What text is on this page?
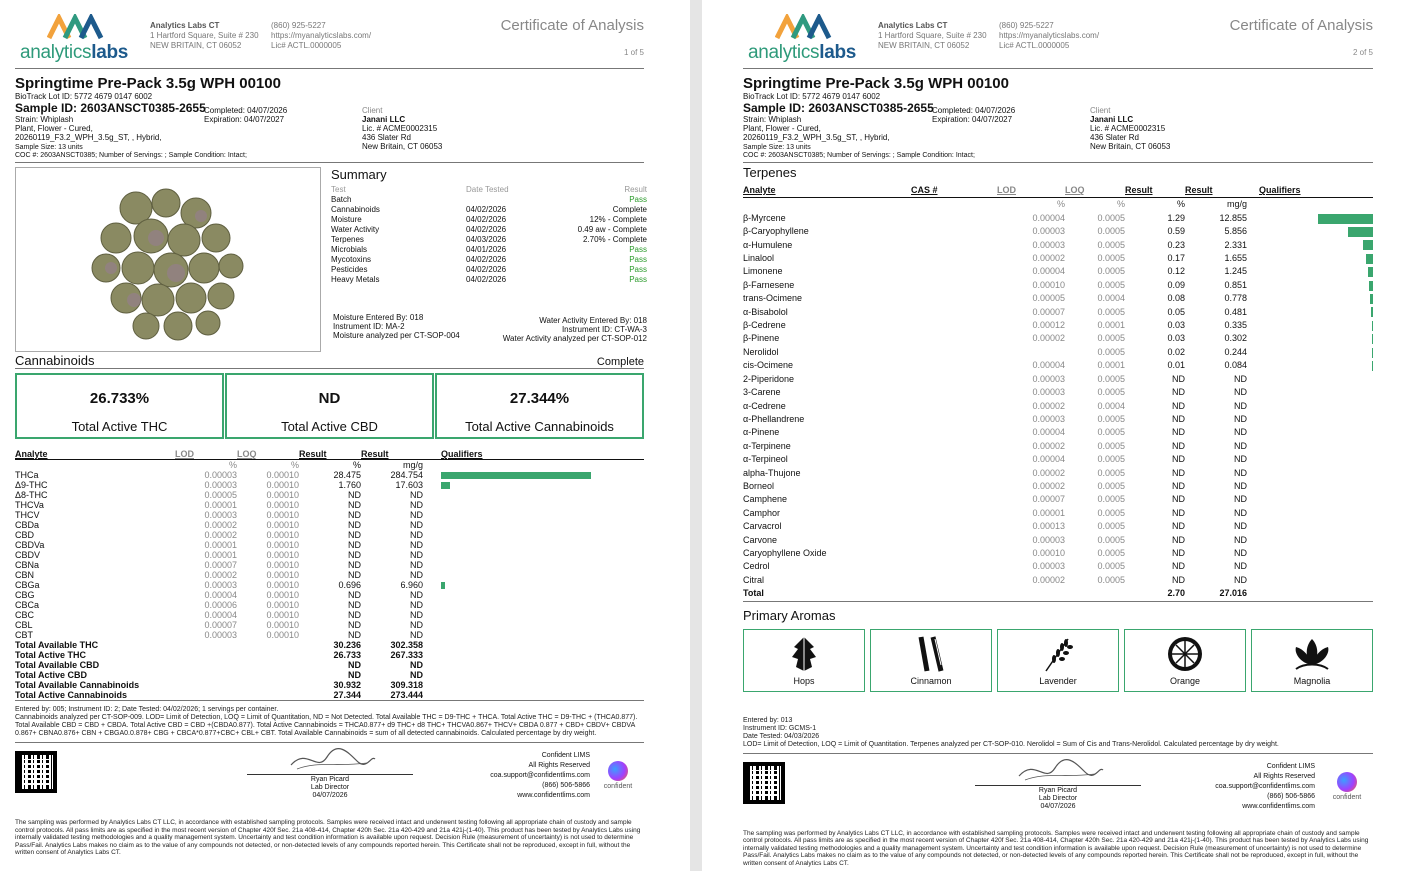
analyticslabs
Analytics Labs CT
1 Hartford Square, Suite # 230
NEW BRITAIN, CT 06052
(860) 925-5227
https://myanalyticslabs.com/
Lic# ACTL.0000005
Certificate of Analysis
1 of 5
Springtime Pre-Pack 3.5g WPH 00100
BioTrack Lot ID: 5772 4679 0147 6002
Sample ID: 2603ANSCT0385-2655
Strain: Whiplash
Plant, Flower - Cured,
20260119_F3.2_WPH_3.5g_ST, , Hybrid,
Completed: 04/07/2026
Expiration: 04/07/2027
Client
Janani LLC
Lic. # ACME0002315
436 Slater Rd
New Britain, CT 06053
Sample Size: 13 units
COC #: 2603ANSCT0385; Number of Servings: ; Sample Condition: Intact;
Summary
Test	Date Tested	Result
Batch	Pass
Cannabinoids	04/02/2026	Complete
Moisture	04/02/2026	12% - Complete
Water Activity	04/02/2026	0.49 aw - Complete
Terpenes	04/03/2026	2.70% - Complete
Microbials	04/01/2026	Pass
Mycotoxins	04/02/2026	Pass
Pesticides	04/02/2026	Pass
Heavy Metals	04/02/2026	Pass
Moisture Entered By: 018
Instrument ID: MA-2
Moisture analyzed per CT-SOP-004
Water Activity Entered By: 018
Instrument ID: CT-WA-3
Water Activity analyzed per CT-SOP-012
Cannabinoids	Complete
26.733%
Total Active THC
ND
Total Active CBD
27.344%
Total Active Cannabinoids
Analyte	LOD	LOQ	Result	Result		Qualifiers
	%	%	%	mg/g		
THCa	0.00003	0.00010	28.475	284.754		

Δ9-THC	0.00003	0.00010	1.760	17.603		

Δ8-THC	0.00005	0.00010	ND	ND		

THCVa	0.00001	0.00010	ND	ND		

THCV	0.00003	0.00010	ND	ND		

CBDa	0.00002	0.00010	ND	ND		

CBD	0.00002	0.00010	ND	ND		

CBDVa	0.00001	0.00010	ND	ND		

CBDV	0.00001	0.00010	ND	ND		

CBNa	0.00007	0.00010	ND	ND		

CBN	0.00002	0.00010	ND	ND		

CBGa	0.00003	0.00010	0.696	6.960		

CBG	0.00004	0.00010	ND	ND		

CBCa	0.00006	0.00010	ND	ND		

CBC	0.00004	0.00010	ND	ND		

CBL	0.00007	0.00010	ND	ND		

CBT	0.00003	0.00010	ND	ND		

Total Available THC			30.236	302.358		
Total Active THC			26.733	267.333		
Total Available CBD			ND	ND		
Total Active CBD			ND	ND		
Total Available Cannabinoids			30.932	309.318		
Total Active Cannabinoids			27.344	273.444		
Entered by: 005; Instrument ID: 2; Date Tested: 04/02/2026; 1 servings per container.
Cannabinoids analyzed per CT-SOP-009. LOD= Limit of Detection, LOQ = Limit of Quantitation, ND = Not Detected. Total Available THC = D9-THC + THCA. Total Active THC = D9-THC + (THCA0.877). Total Available CBD = CBD + CBDA. Total Active CBD = CBD +(CBDA0.877). Total Active Cannabinoids = THCA0.877+ d9 THC+ d8 THC+ THCVA0.867+ THCV+ CBDA 0.877 + CBD+ CBDV+ CBDVA 0.867+ CBNA0.876+ CBN + CBGA0.0.878+ CBG + CBCA*0.877+CBC+ CBL+ CBT. Total Available Cannabinoids = sum of all detected cannabinoids. Calculated percentage by dry weight.
Ryan Picard
Lab Director
04/07/2026
Confident LIMS
All Rights Reserved
coa.support@confidentlims.com
(866) 506-5866
www.confidentlims.com
confident
The sampling was performed by Analytics Labs CT LLC, in accordance with established sampling protocols. Samples were received intact and underwent testing following all appropriate chain of custody and sample control protocols. All pass limits are as specified in the most recent version of Chapter 420f Sec. 21a 408-414, Chapter 420h Sec. 21a 420-429 and 21a 421j-(1-40). This product has been tested by Analytics Labs using internally validated testing methodologies and a quality management system. Uncertainty and test condition information is available upon request. Decision Rule (measurement of uncertainty) is not used to determine Pass/Fail. Analytics Labs makes no claim as to the value of any compounds not detected, or non-detected levels of any compounds reported herein. This Certificate shall not be reproduced, except in full, without the written consent of Analytics Labs CT.
analyticslabs
Analytics Labs CT
1 Hartford Square, Suite # 230
NEW BRITAIN, CT 06052
(860) 925-5227
https://myanalyticslabs.com/
Lic# ACTL.0000005
Certificate of Analysis
2 of 5
Springtime Pre-Pack 3.5g WPH 00100
BioTrack Lot ID: 5772 4679 0147 6002
Sample ID: 2603ANSCT0385-2655
Strain: Whiplash
Plant, Flower - Cured,
20260119_F3.2_WPH_3.5g_ST, , Hybrid,
Completed: 04/07/2026
Expiration: 04/07/2027
Client
Janani LLC
Lic. # ACME0002315
436 Slater Rd
New Britain, CT 06053
Sample Size: 13 units
COC #: 2603ANSCT0385; Number of Servings: ; Sample Condition: Intact;
Terpenes
Analyte	CAS #	LOD	LOQ	Result	Result		Qualifiers
		%	%	%	mg/g		
β-Myrcene		0.00004	0.0005	1.29	12.855		

β-Caryophyllene		0.00003	0.0005	0.59	5.856		

α-Humulene		0.00003	0.0005	0.23	2.331		

Linalool		0.00002	0.0005	0.17	1.655		

Limonene		0.00004	0.0005	0.12	1.245		

β-Farnesene		0.00010	0.0005	0.09	0.851		

trans-Ocimene		0.00005	0.0004	0.08	0.778		

α-Bisabolol		0.00007	0.0005	0.05	0.481		

β-Cedrene		0.00012	0.0001	0.03	0.335		

β-Pinene		0.00002	0.0005	0.03	0.302		

Nerolidol			0.0005	0.02	0.244		

cis-Ocimene		0.00004	0.0001	0.01	0.084		

2-Piperidone		0.00003	0.0005	ND	ND		

3-Carene		0.00003	0.0005	ND	ND		

α-Cedrene		0.00002	0.0004	ND	ND		

α-Phellandrene		0.00003	0.0005	ND	ND		

α-Pinene		0.00004	0.0005	ND	ND		

α-Terpinene		0.00002	0.0005	ND	ND		

α-Terpineol		0.00004	0.0005	ND	ND		

alpha-Thujone		0.00002	0.0005	ND	ND		

Borneol		0.00002	0.0005	ND	ND		

Camphene		0.00007	0.0005	ND	ND		

Camphor		0.00001	0.0005	ND	ND		

Carvacrol		0.00013	0.0005	ND	ND		

Carvone		0.00003	0.0005	ND	ND		

Caryophyllene Oxide		0.00010	0.0005	ND	ND		

Cedrol		0.00003	0.0005	ND	ND		

Citral		0.00002	0.0005	ND	ND		

Total				2.70	27.016		
Primary Aromas
Hops	Cinnamon	Lavender	Orange	Magnolia
Entered by: 013
Instrument ID: GCMS-1
Date Tested: 04/03/2026
LOD= Limit of Detection, LOQ = Limit of Quantitation. Terpenes analyzed per CT-SOP-010. Nerolidol = Sum of Cis and Trans-Nerolidol. Calculated percentage by dry weight.
Ryan Picard
Lab Director
04/07/2026
Confident LIMS
All Rights Reserved
coa.support@confidentlims.com
(866) 506-5866
www.confidentlims.com
confident
The sampling was performed by Analytics Labs CT LLC, in accordance with established sampling protocols. Samples were received intact and underwent testing following all appropriate chain of custody and sample control protocols. All pass limits are as specified in the most recent version of Chapter 420f Sec. 21a 408-414, Chapter 420h Sec. 21a 420-429 and 21a 421j-(1-40). This product has been tested by Analytics Labs using internally validated testing methodologies and a quality management system. Uncertainty and test condition information is available upon request. Decision Rule (measurement of uncertainty) is not used to determine Pass/Fail. Analytics Labs makes no claim as to the value of any compounds not detected, or non-detected levels of any compounds reported herein. This Certificate shall not be reproduced, except in full, without the written consent of Analytics Labs CT.
